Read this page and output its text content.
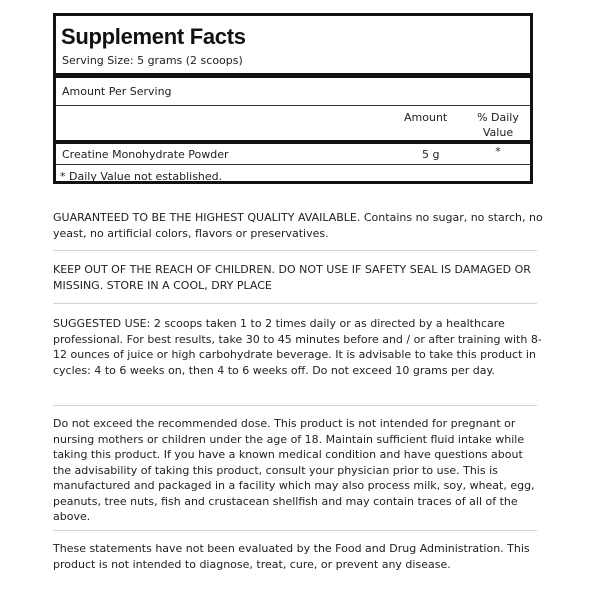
Supplement Facts
Serving Size: 5 grams (2 scoops)
Amount Per Serving
Amount	% Daily
Value
Creatine Monohydrate Powder	5 g	*
* Daily Value not established.

GUARANTEED TO BE THE HIGHEST QUALITY AVAILABLE. Contains no sugar, no starch, no yeast, no artificial colors, flavors or preservatives.

KEEP OUT OF THE REACH OF CHILDREN. DO NOT USE IF SAFETY SEAL IS DAMAGED OR MISSING. STORE IN A COOL, DRY PLACE

SUGGESTED USE: 2 scoops taken 1 to 2 times daily or as directed by a healthcare professional. For best results, take 30 to 45 minutes before and / or after training with 8-12 ounces of juice or high carbohydrate beverage. It is advisable to take this product in cycles: 4 to 6 weeks on, then 4 to 6 weeks off. Do not exceed 10 grams per day.

Do not exceed the recommended dose. This product is not intended for pregnant or nursing mothers or children under the age of 18. Maintain sufficient fluid intake while taking this product. If you have a known medical condition and have questions about the advisability of taking this product, consult your physician prior to use. This is manufactured and packaged in a facility which may also process milk, soy, wheat, egg, peanuts, tree nuts, fish and crustacean shellfish and may contain traces of all of the above.

These statements have not been evaluated by the Food and Drug Administration. This product is not intended to diagnose, treat, cure, or prevent any disease.
